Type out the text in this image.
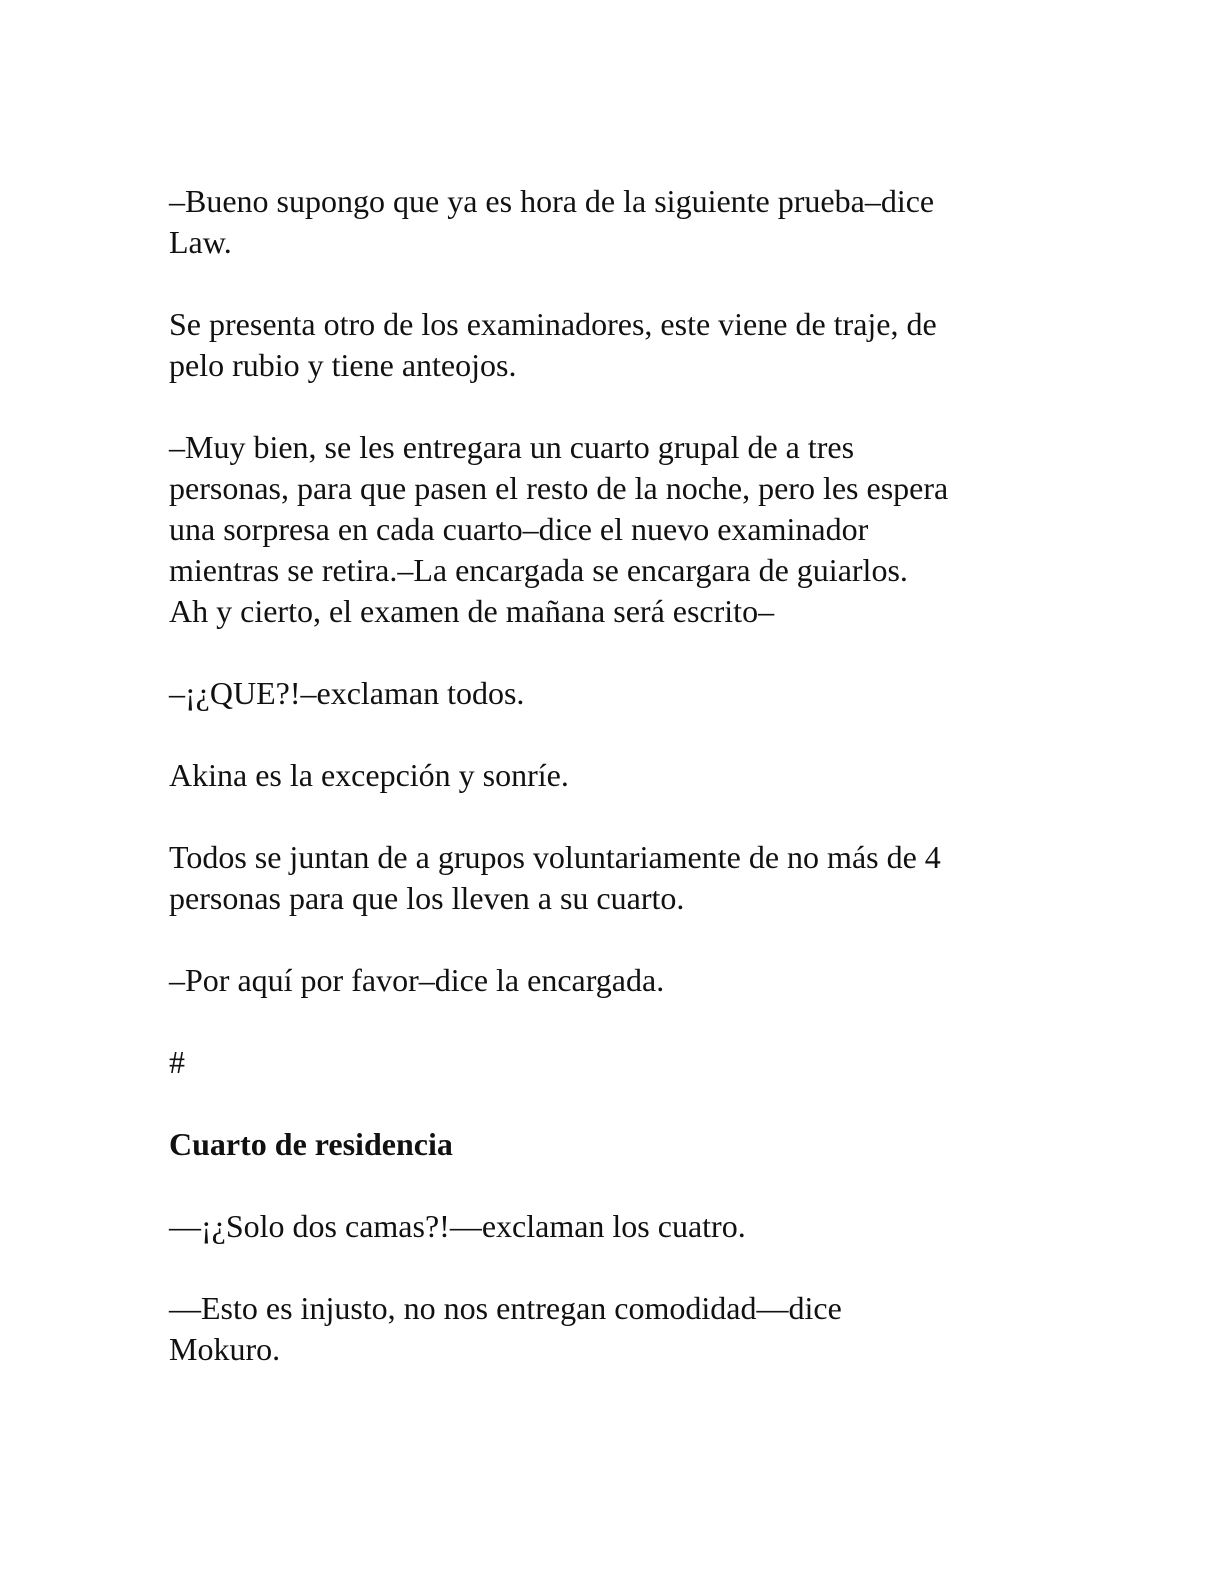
–Bueno supongo que ya es hora de la siguiente prueba–dice
Law.

Se presenta otro de los examinadores, este viene de traje, de
pelo rubio y tiene anteojos.

–Muy bien, se les entregara un cuarto grupal de a tres
personas, para que pasen el resto de la noche, pero les espera
una sorpresa en cada cuarto–dice el nuevo examinador
mientras se retira.–La encargada se encargara de guiarlos.
Ah y cierto, el examen de mañana será escrito–

–¡¿QUE?!–exclaman todos.

Akina es la excepción y sonríe.

Todos se juntan de a grupos voluntariamente de no más de 4
personas para que los lleven a su cuarto.

–Por aquí por favor–dice la encargada.

#

Cuarto de residencia

—¡¿Solo dos camas?!—exclaman los cuatro.

—Esto es injusto, no nos entregan comodidad—dice
Mokuro.
